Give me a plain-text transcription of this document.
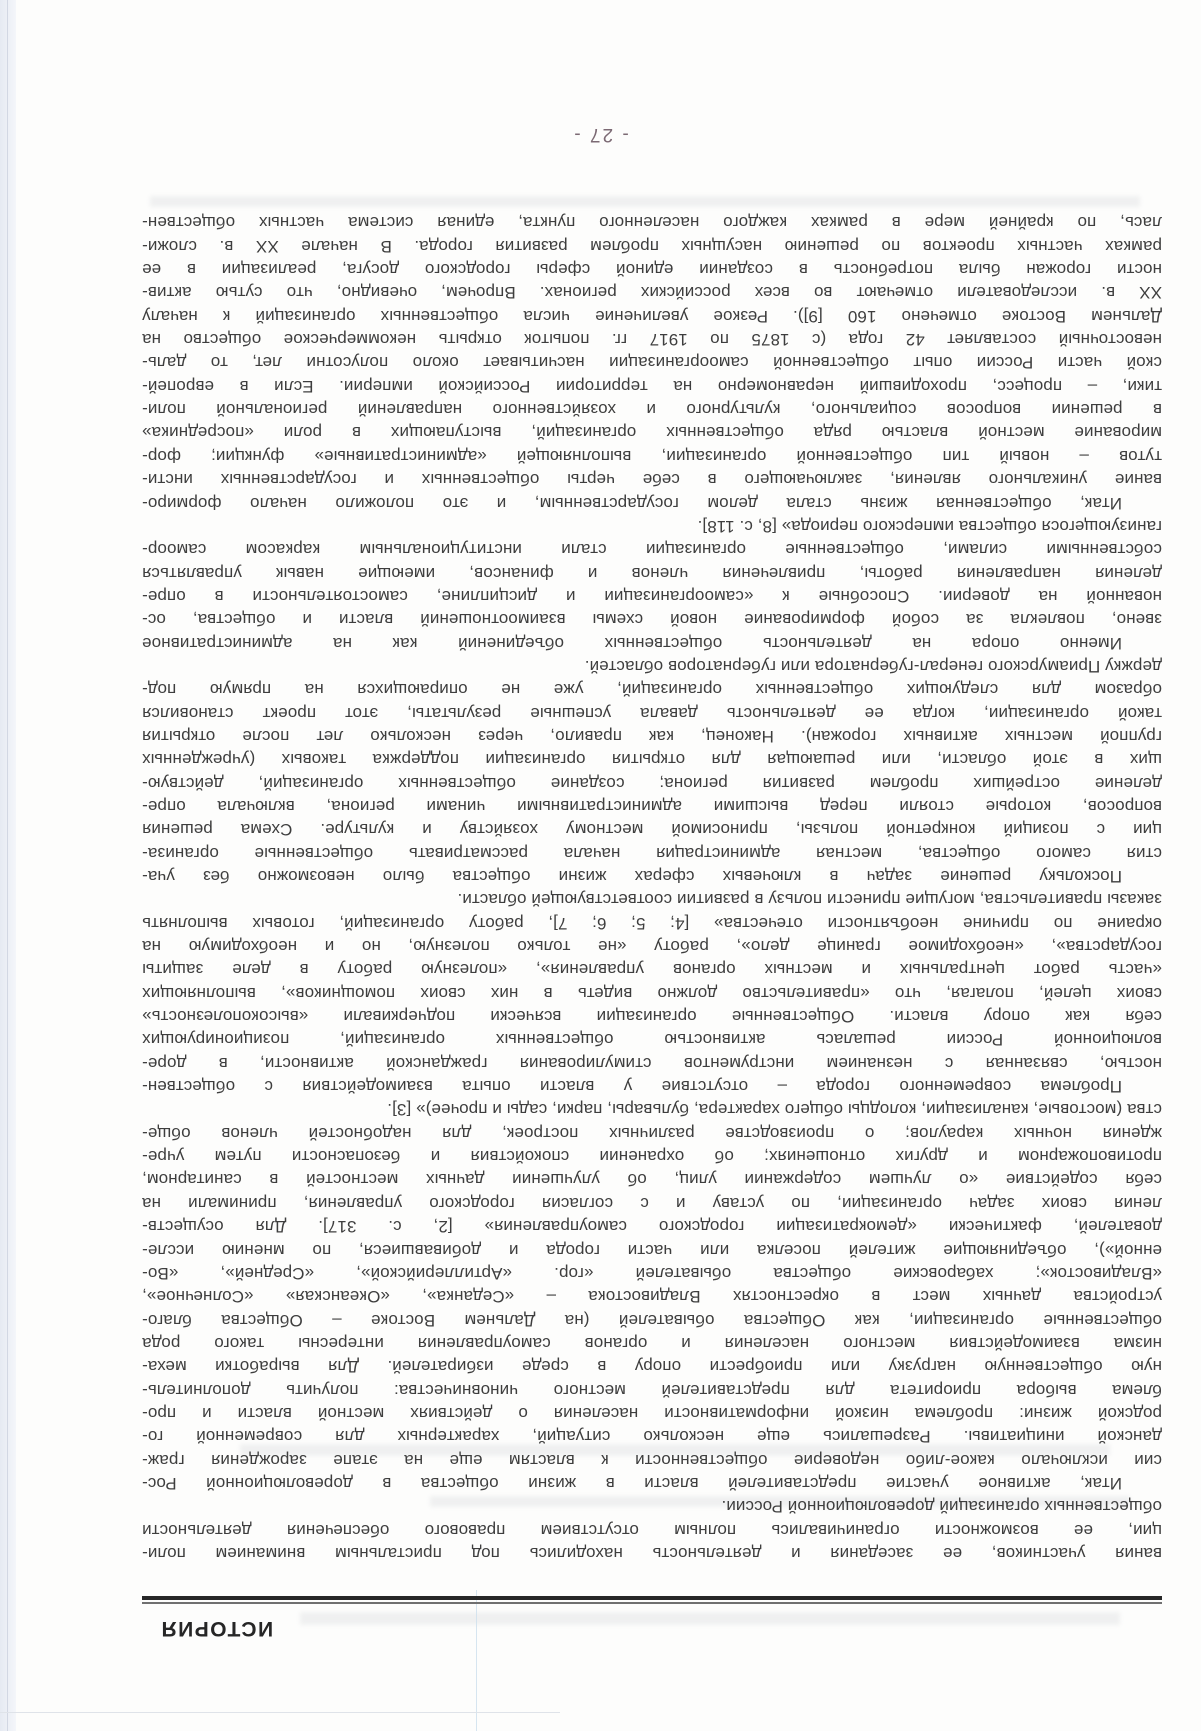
ИСТОРИЯ
вания участников, ее заседания и деятельность находились под пристальным вниманием поли-
ции, ее возможности ограничивались полным отсутствием правового обеспечения деятельности
общественных организаций дореволюционной России.
Итак, активное участие представителей власти в жизни общества в дореволюционной Рос-
сии исключало какое-либо недоверие общественности к властям еще на этапе зарождения граж-
данской инициативы. Разрешались еще несколько ситуаций, характерных для современной го-
родской жизни: проблема низкой информативности населения о действиях местной власти и про-
блема выбора приоритета для представителей местного чиновничества: получить дополнитель-
ную общественную нагрузку или приобрести опору в среде избирателей. Для выработки меха-
низма взаимодействия местного населения и органов самоуправления интересны такого рода
общественные организации, как Общества обывателей (на Дальнем Востоке – Общества благо-
устройства дачных мест в окрестностях Владивостока – «Седанка», «Океанская» «Солнечное»,
«Владивосток»; хабаровские общества обывателей «гор. «Артиллерийской», «Средней», «Во-
енной»), объединяющие жителей поселка или части города и добивавшиеся, по мнению иссле-
дователей, фактически «демократизации городского самоуправления» [2, с. 317]. Для осуществ-
ления своих задач организации, по уставу и с согласия городского управления, принимали на
себя содействие «о лучшем содержании улиц, об улучшении дачных местностей в санитарном,
противопожарном и других отношениях; об охранении спокойствия и безопасности путем учре-
ждения ночных караулов; о производстве различных построек, для надобностей членов обще-
ства (мостовые, канализации, колодцы общего характера, бульвары, парки, сады и прочее)» [3].
Проблема современного города – отсутствие у власти опыта взаимодействия с обществен-
ностью, связанная с незнанием инструментов стимулирования гражданской активности, в доре-
волюционной России решалась активностью общественных организаций, позиционирующих
себя как опору власти. Общественные организации всячески подчеркивали «высокополезность»
своих целей, полагая, что «правительство должно видеть в них своих помощников», выполняющих
«часть работ центральных и местных органов управления», «полезную работу в деле защиты
государства», «необходимое границе дело», работу «не только полезную, но и необходимую на
окраине по причине необъятности отечества» [4; 5; 6; 7], работу организаций, готовых выполнять
заказы правительства, могущие принести пользу в развитии соответствующей области.
Поскольку решение задач в ключевых сферах жизни общества было невозможно без уча-
стия самого общества, местная администрация начала рассматривать общественные организа-
ции с позиций конкретной пользы, приносимой местному хозяйству и культуре. Схема решения
вопросов, которые стояли перед высшими административными чинами региона, включала опре-
деление острейших проблем развития региона; создание общественных организаций, действую-
щих в этой области, или решающая для открытия организации поддержка таковых (учрежденных
группой местных активных горожан). Наконец, как правило, через несколько лет после открытия
такой организации, когда ее деятельность давала успешные результаты, этот проект становился
образом для следующих общественных организаций, уже не опирающихся на прямую под-
держку Приамурского генерал-губернатора или губернаторов областей.
Именно опора на деятельность общественных объединений как на административное
звено, повлекла за собой формирование новой схемы взаимоотношений власти и общества, ос-
нованной на доверии. Способные к «самоорганизации и дисциплине, самостоятельности в опре-
деления направления работы, привлечения членов и финансов, имеющие навык управляться
собственными силами, общественные организации стали институциональным каркасом самоор-
ганизующегося общества имперского периода» [8, с. 118].
Итак, общественная жизнь стала делом государственным, и это положило начало формиро-
вание уникального явления, заключающего в себе черты общественных и государственных инсти-
тутов – новый тип общественной организации, выполняющей «административные» функции; фор-
мирование местной властью ряда общественных организаций, выступающих в роли «посредника»
в решении вопросов социального, культурного и хозяйственного направлений региональной поли-
тики, – процесс, проходивший неравномерно на территории Российской империи. Если в европей-
ской части России опыт общественной самоорганизации насчитывает около полусотни лет, то даль-
невосточный составляет 42 года (с 1875 по 1917 гг. попыток открыть некоммерческое общество на
Дальнем Востоке отмечено 160 [9]). Резкое увеличение числа общественных организаций к началу
XX в. исследователи отмечают во всех российских регионах. Впрочем, очевидно, что сутью актив-
ности горожан была потребность в создании единой сферы городского досуга, реализации в ее
рамках частных проектов по решению насущных проблем развития города. В начале XX в. сложи-
лась, по крайней мере в рамках каждого населенного пункта, единая система частных обществен-
- 27 -
